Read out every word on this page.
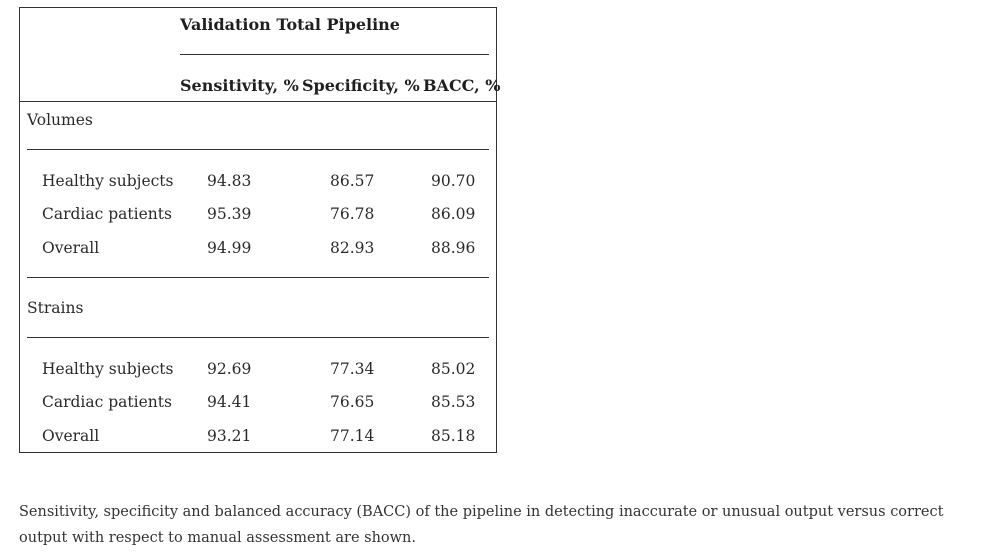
Validation Total Pipeline
Sensitivity, % Specificity, % BACC, %
Volumes
Healthy subjects 94.83	86.57	90.70
Cardiac patients 95.39	76.78	86.09
Overall	94.99	82.93	88.96
Strains
Healthy subjects 92.69	77.34	85.02
Cardiac patients 94.41	76.65	85.53
Overall	93.21	77.14	85.18

Sensitivity, specificity and balanced accuracy (BACC) of the pipeline in detecting inaccurate or unusual output versus correct output with respect to manual assessment are shown.
